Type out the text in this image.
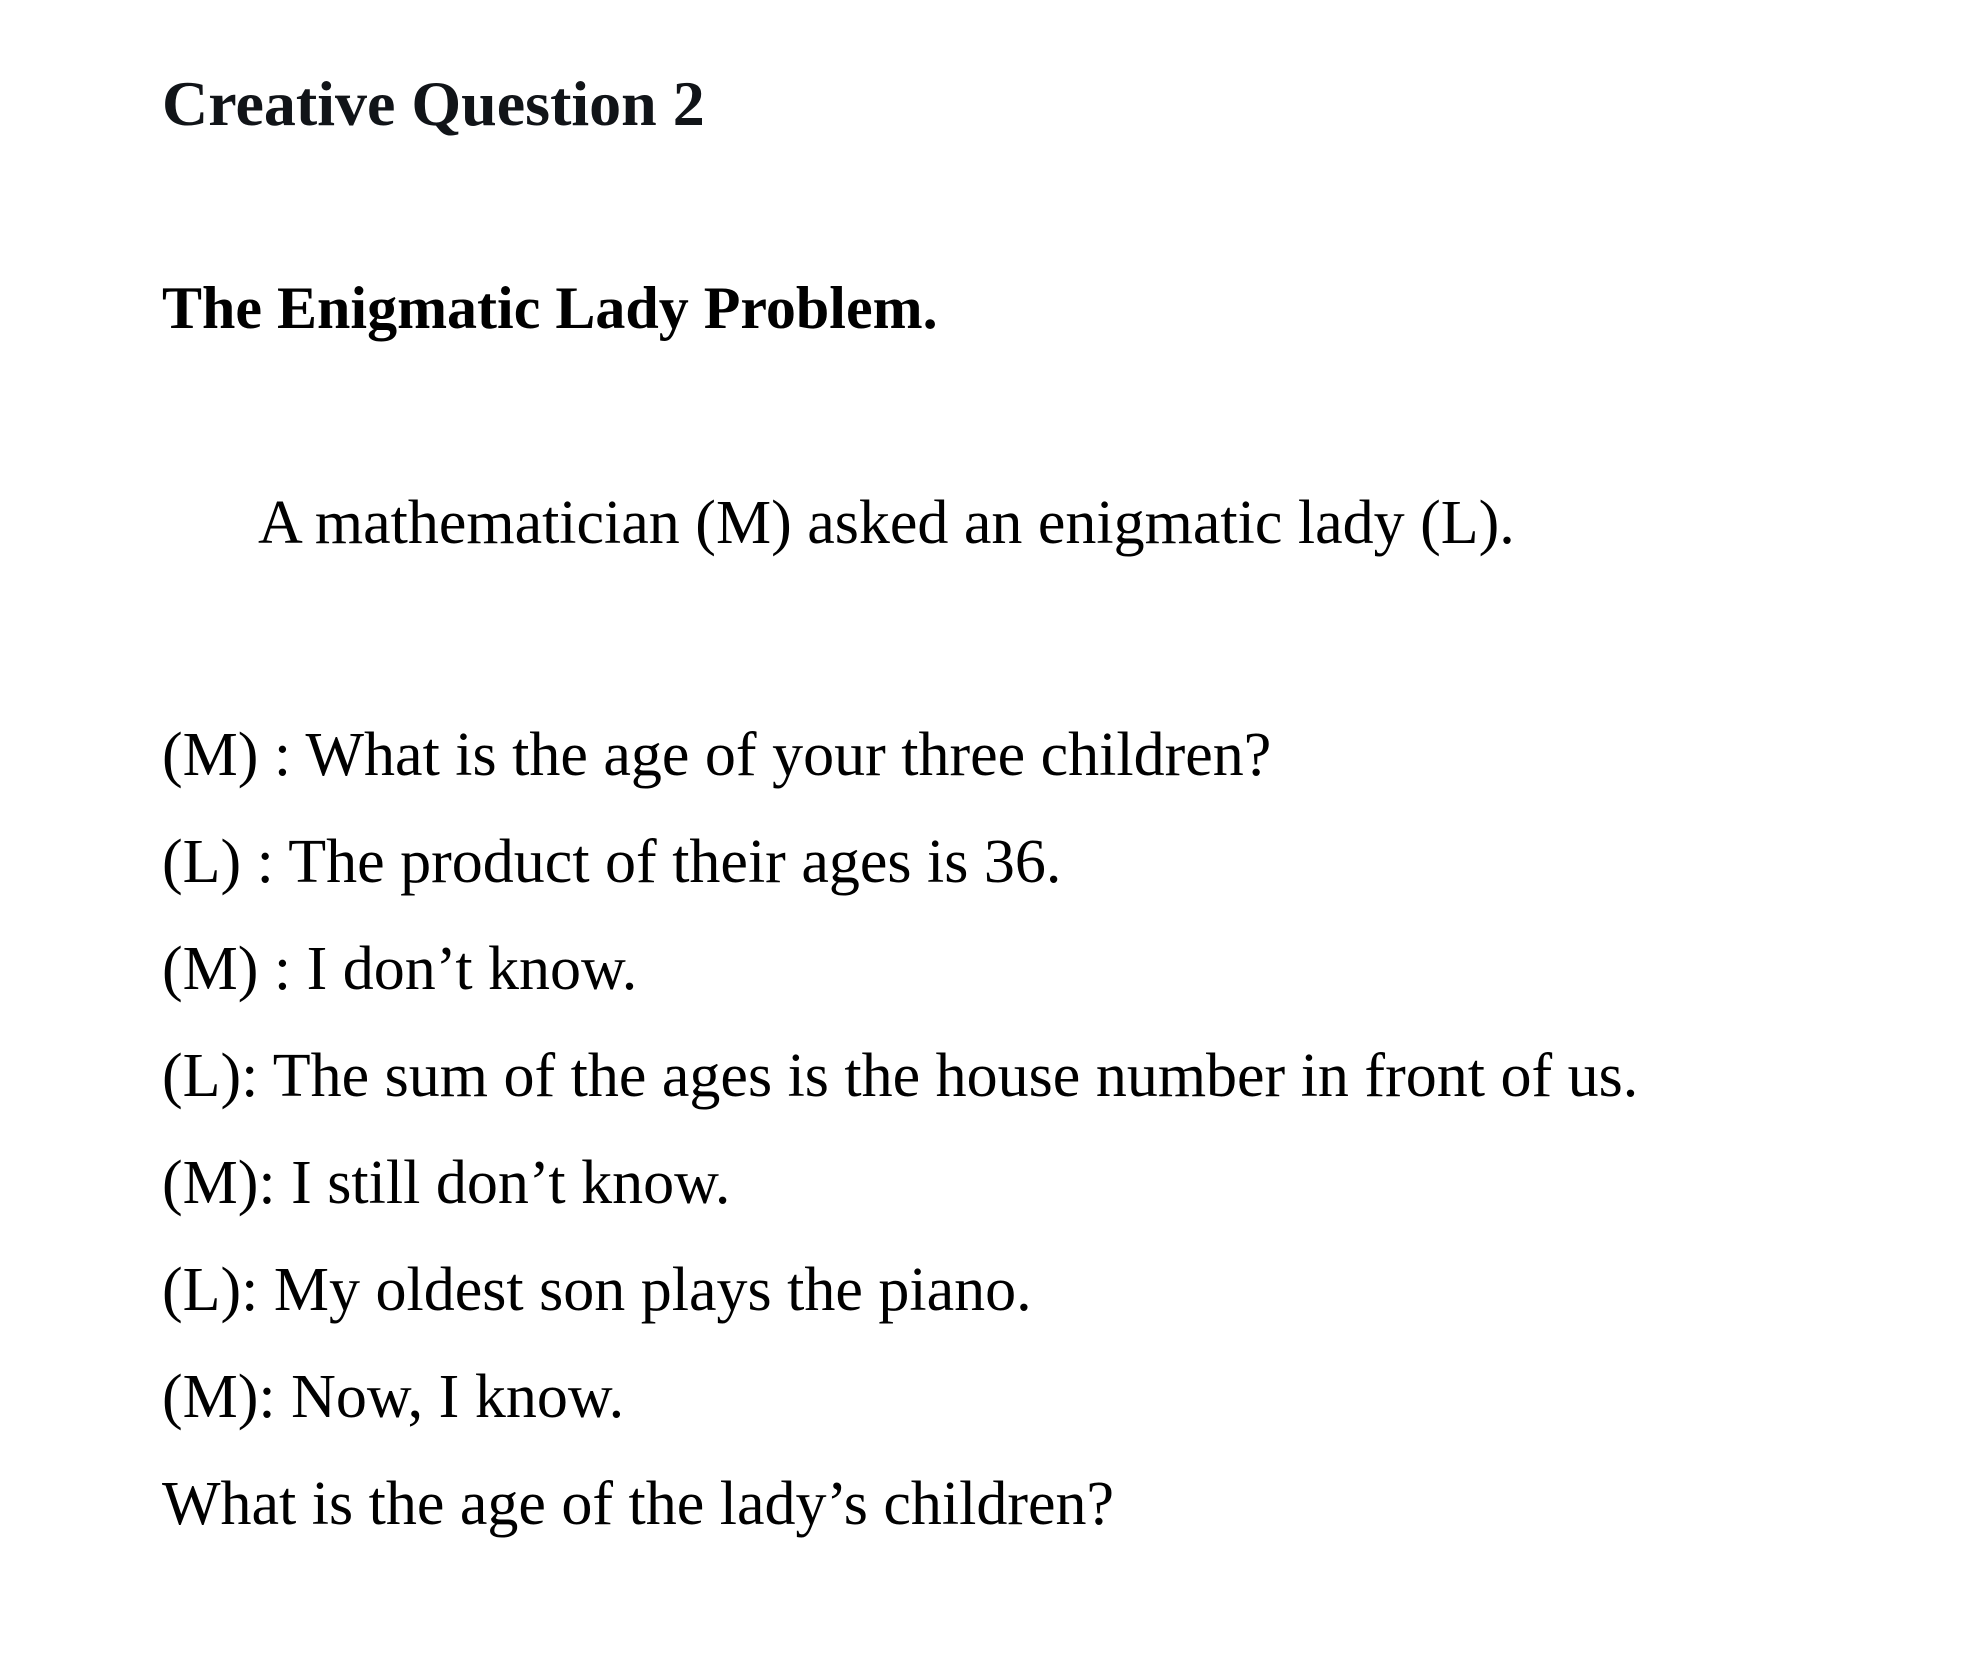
Creative Question 2
The Enigmatic Lady Problem.

A mathematician (M) asked an enigmatic lady (L).

(M) : What is the age of your three children?
(L) : The product of their ages is 36.
(M) : I don’t know.
(L): The sum of the ages is the house number in front of us.
(M): I still don’t know.
(L): My oldest son plays the piano.
(M): Now, I know.
What is the age of the lady’s children?
